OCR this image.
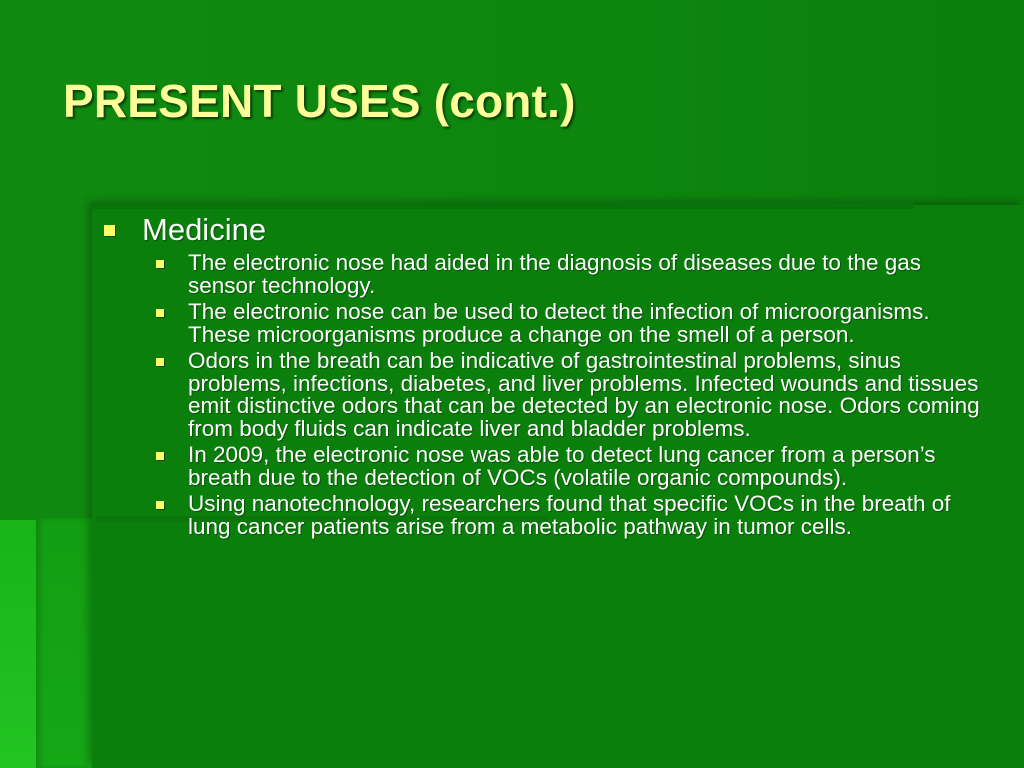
PRESENT USES (cont.)
Medicine
The electronic nose had aided in the diagnosis of diseases due to the gas sensor technology.
The electronic nose can be used to detect the infection of microorganisms. These microorganisms produce a change on the smell of a person.
Odors in the breath can be indicative of gastrointestinal problems, sinus problems, infections, diabetes, and liver problems. Infected wounds and tissues emit distinctive odors that can be detected by an electronic nose. Odors coming from body fluids can indicate liver and bladder problems.
In 2009, the electronic nose was able to detect lung cancer from a person’s breath due to the detection of VOCs (volatile organic compounds).
Using nanotechnology, researchers found that specific VOCs in the breath of lung cancer patients arise from a metabolic pathway in tumor cells.
